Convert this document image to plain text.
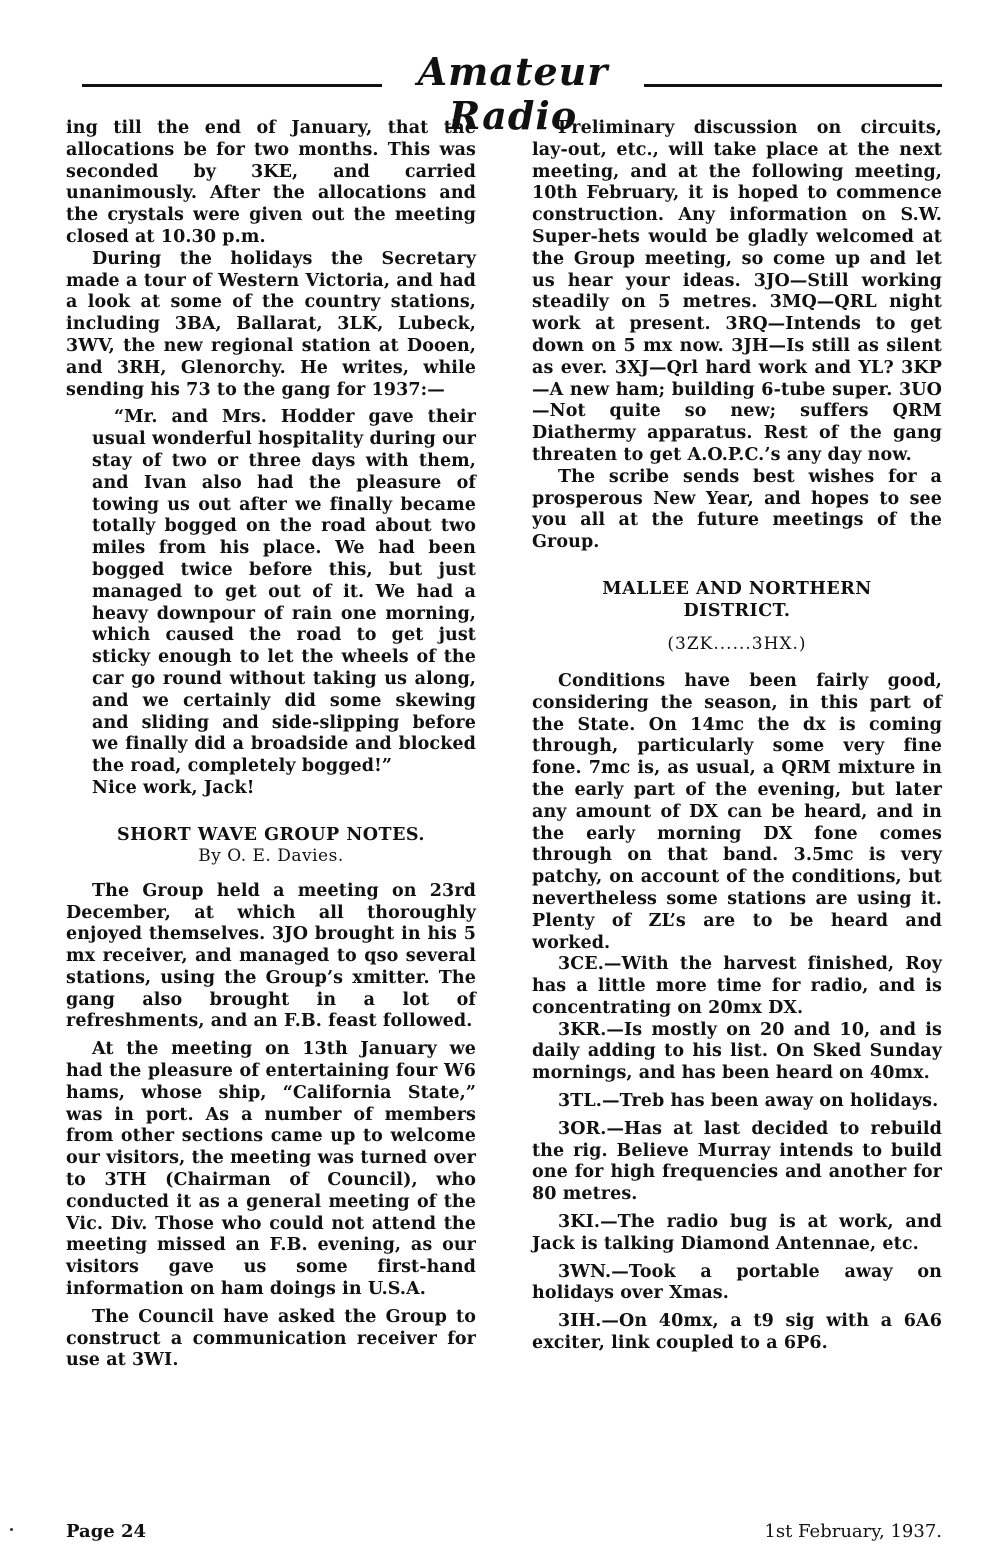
Amateur Radio

ing till the end of January, that the allocations be for two months. This was seconded by 3KE, and carried unanimously. After the allocations and the crystals were given out the meeting closed at 10.30 p.m.

During the holidays the Secretary made a tour of Western Victoria, and had a look at some of the country stations, including 3BA, Ballarat, 3LK, Lubeck, 3WV, the new regional station at Dooen, and 3RH, Glenorchy. He writes, while sending his 73 to the gang for 1937:—

“Mr. and Mrs. Hodder gave their usual wonderful hospitality during our stay of two or three days with them, and Ivan also had the pleasure of towing us out after we finally became totally bogged on the road about two miles from his place. We had been bogged twice before this, but just managed to get out of it. We had a heavy downpour of rain one morning, which caused the road to get just sticky enough to let the wheels of the car go round without taking us along, and we certainly did some skewing and sliding and side-slipping before we finally did a broadside and blocked the road, completely bogged!”

Nice work, Jack!

SHORT WAVE GROUP NOTES.

By O. E. Davies.

The Group held a meeting on 23rd December, at which all thoroughly enjoyed themselves. 3JO brought in his 5 mx receiver, and managed to qso several stations, using the Group’s xmitter. The gang also brought in a lot of refreshments, and an F.B. feast followed.

At the meeting on 13th January we had the pleasure of entertaining four W6 hams, whose ship, “California State,” was in port. As a number of members from other sections came up to welcome our visitors, the meeting was turned over to 3TH (Chairman of Council), who conducted it as a general meeting of the Vic. Div. Those who could not attend the meeting missed an F.B. evening, as our visitors gave us some first-hand information on ham doings in U.S.A.

The Council have asked the Group to construct a communication receiver for use at 3WI.

Preliminary discussion on circuits, lay-out, etc., will take place at the next meeting, and at the following meeting, 10th February, it is hoped to commence construction. Any information on S.W. Super-hets would be gladly welcomed at the Group meeting, so come up and let us hear your ideas. 3JO—Still working steadily on 5 metres. 3MQ—QRL night work at present. 3RQ—Intends to get down on 5 mx now. 3JH—Is still as silent as ever. 3XJ—Qrl hard work and YL? 3KP—A new ham; building 6-tube super. 3UO—Not quite so new; suffers QRM Diathermy apparatus. Rest of the gang threaten to get A.O.P.C.’s any day now.

The scribe sends best wishes for a prosperous New Year, and hopes to see you all at the future meetings of the Group.

MALLEE AND NORTHERN

DISTRICT.

(3ZK......3HX.)

Conditions have been fairly good, considering the season, in this part of the State. On 14mc the dx is coming through, particularly some very fine fone. 7mc is, as usual, a QRM mixture in the early part of the evening, but later any amount of DX can be heard, and in the early morning DX fone comes through on that band. 3.5mc is very patchy, on account of the conditions, but nevertheless some stations are using it. Plenty of ZL’s are to be heard and worked.

3CE.—With the harvest finished, Roy has a little more time for radio, and is concentrating on 20mx DX.

3KR.—Is mostly on 20 and 10, and is daily adding to his list. On Sked Sunday mornings, and has been heard on 40mx.

3TL.—Treb has been away on holidays.

3OR.—Has at last decided to rebuild the rig. Believe Murray intends to build one for high frequencies and another for 80 metres.

3KI.—The radio bug is at work, and Jack is talking Diamond Antennae, etc.

3WN.—Took a portable away on holidays over Xmas.

3IH.—On 40mx, a t9 sig with a 6A6 exciter, link coupled to a 6P6.

Page 24	1st February, 1937.
